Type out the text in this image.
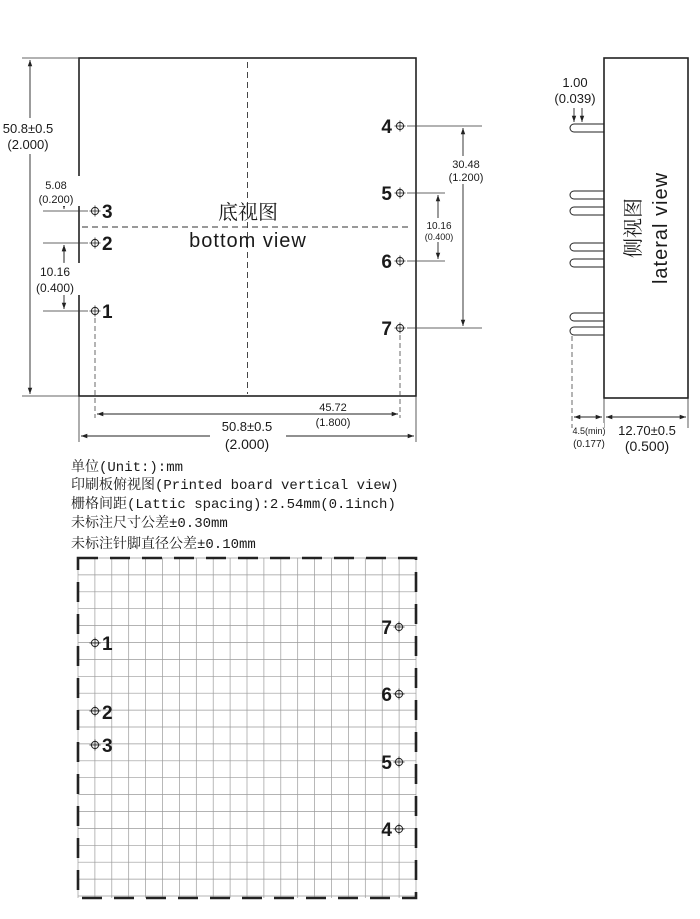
底视图
bottom view
3
2
1
4
5
6
7
50.8±0.5
(2.000)
5.08
(0.200)
10.16
(0.400)
30.48
(1.200)
10.16
(0.400)
45.72
(1.800)
50.8±0.5
(2.000)
1.00
(0.039)
侧视图 lateral view
4.5(min)
(0.177)
12.70±0.5
(0.500)
单位(Unit:):mm
印刷板俯视图(Printed board vertical view)
栅格间距(Lattic spacing):2.54mm(0.1inch)
未标注尺寸公差±0.30mm
未标注针脚直径公差±0.10mm
1
2
3
7
6
5
4
